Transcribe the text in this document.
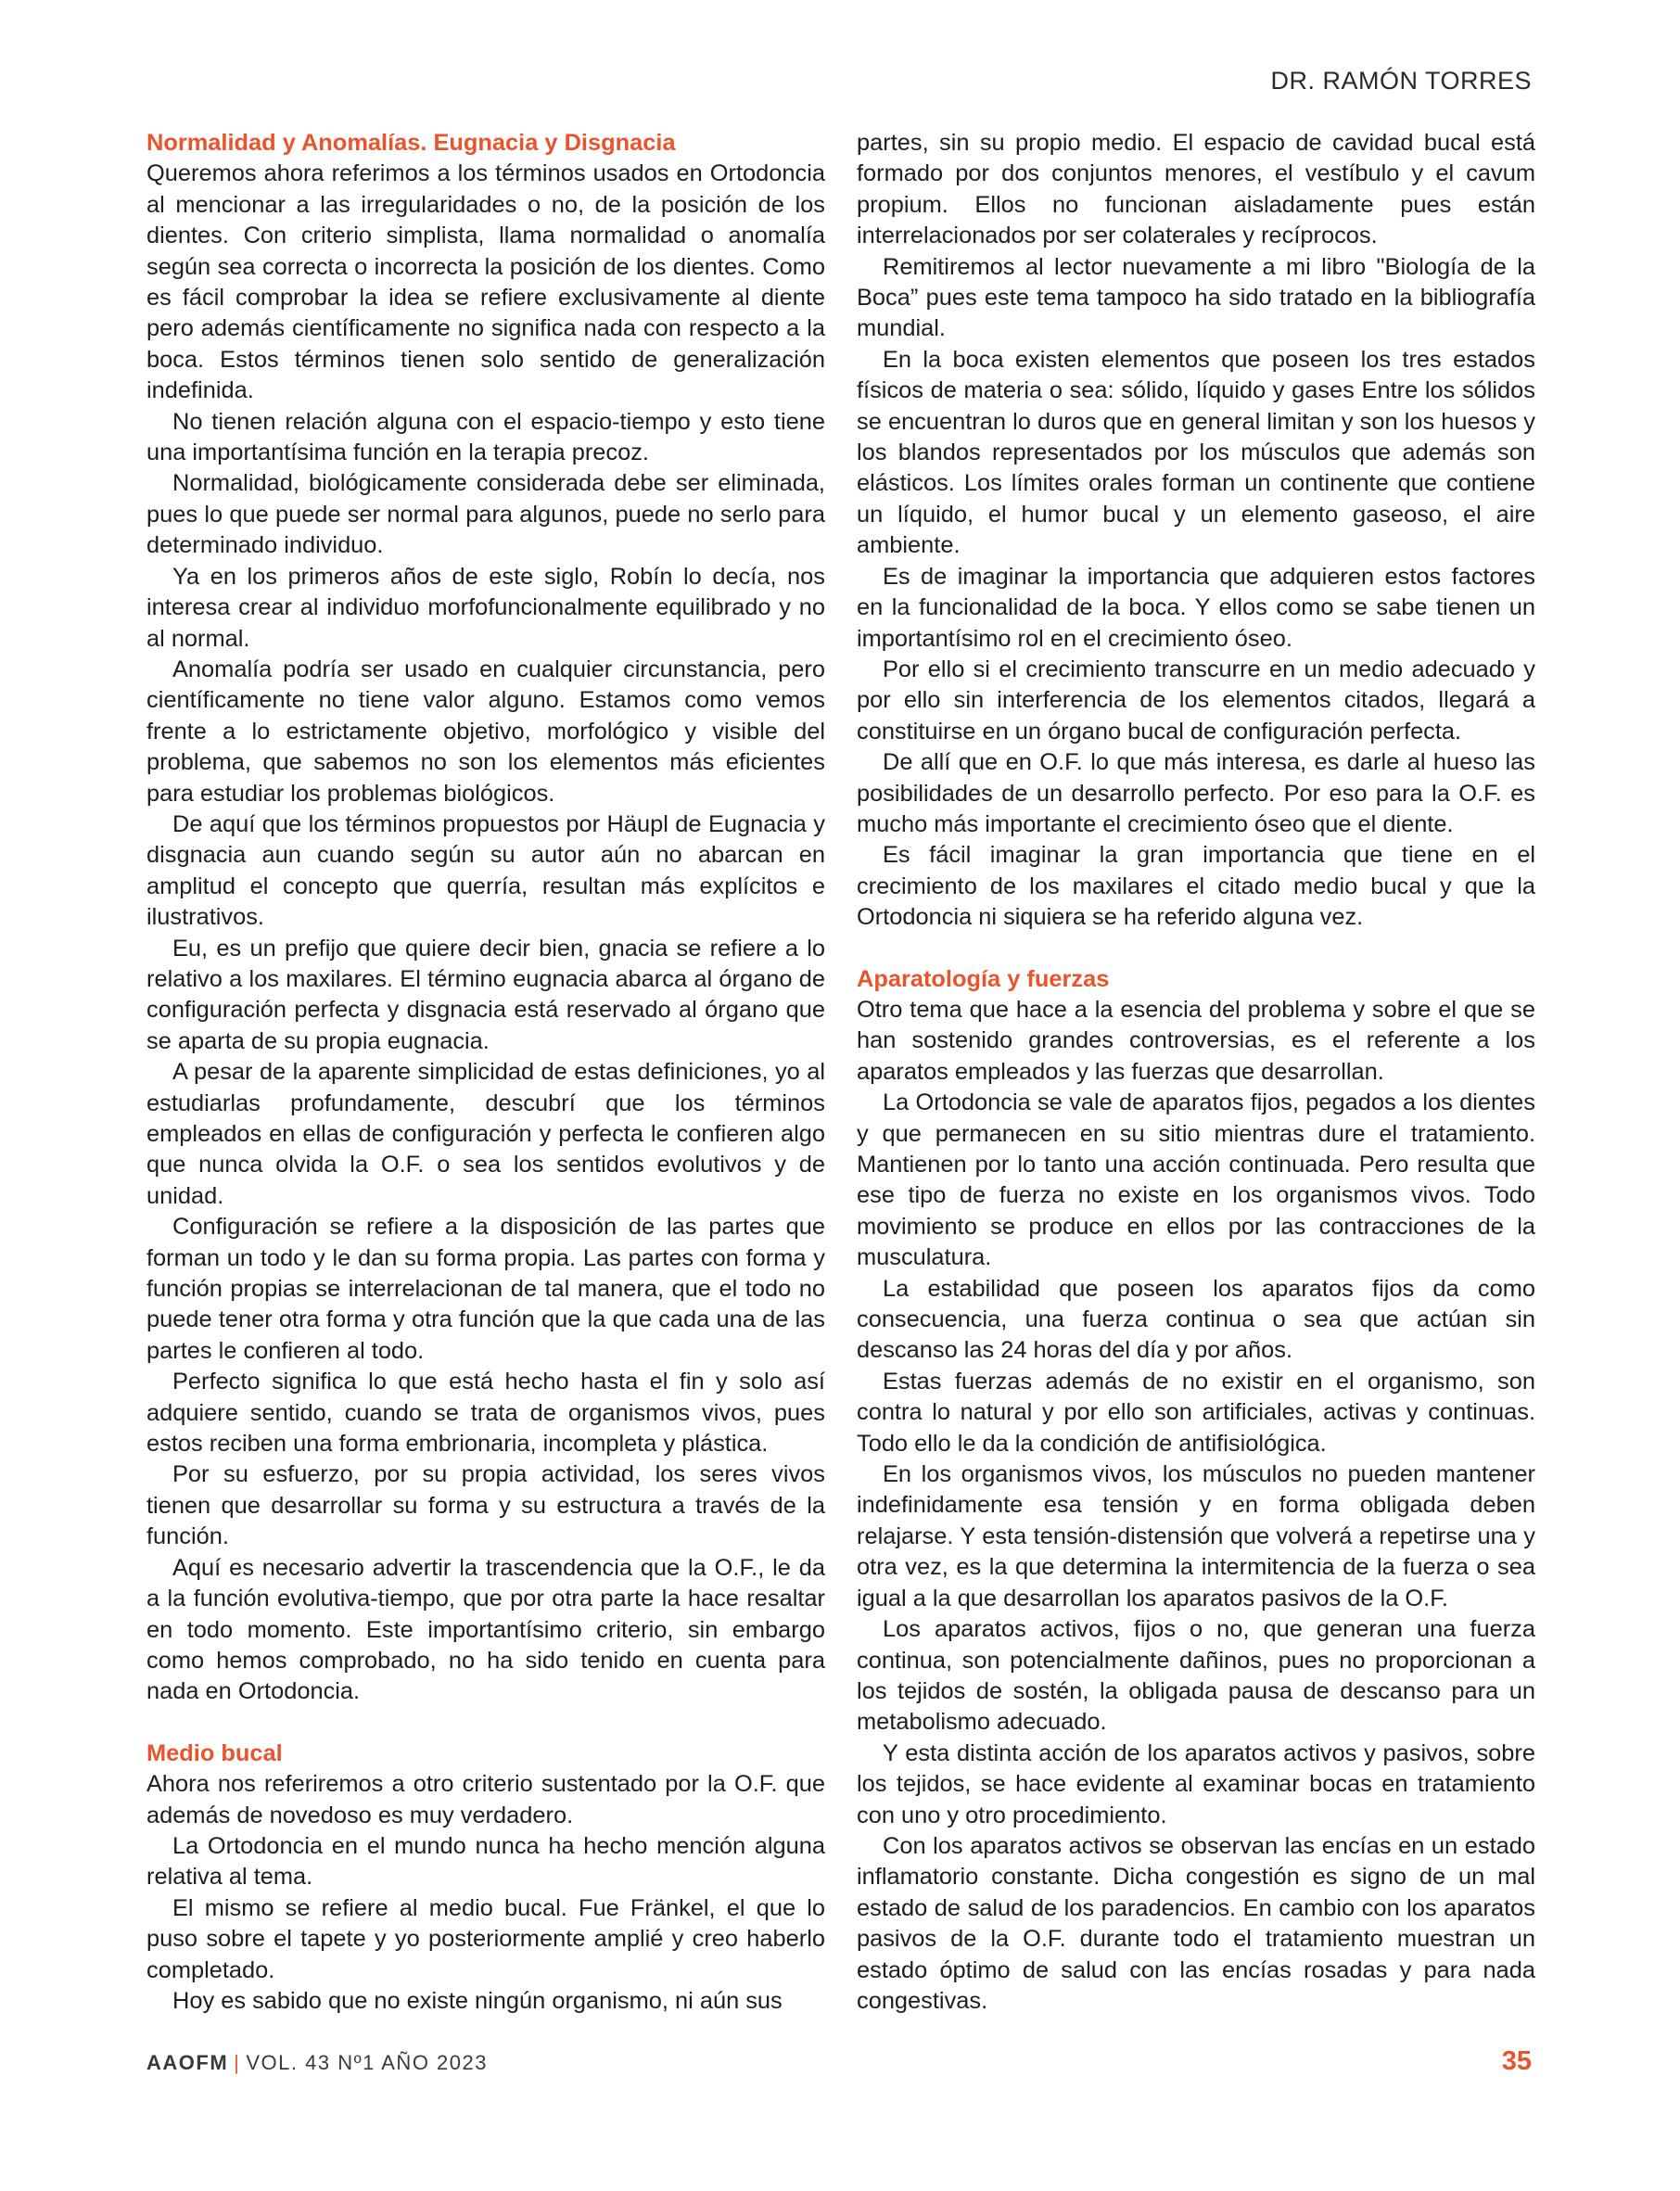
DR. RAMÓN TORRES
Normalidad y Anomalías. Eugnacia y Disgnacia

Queremos ahora referimos a los términos usados en Ortodoncia al mencionar a las irregularidades o no, de la posición de los dientes. Con criterio simplista, llama normalidad o anomalía según sea correcta o incorrecta la posición de los dientes. Como es fácil comprobar la idea se refiere exclusivamente al diente pero además científicamente no significa nada con respecto a la boca. Estos términos tienen solo sentido de generalización indefinida.

No tienen relación alguna con el espacio-tiempo y esto tiene una importantísima función en la terapia precoz.

Normalidad, biológicamente considerada debe ser eliminada, pues lo que puede ser normal para algunos, puede no serlo para determinado individuo.

Ya en los primeros años de este siglo, Robín lo decía, nos interesa crear al individuo morfofuncionalmente equilibrado y no al normal.

Anomalía podría ser usado en cualquier circunstancia, pero científicamente no tiene valor alguno. Estamos como vemos frente a lo estrictamente objetivo, morfológico y visible del problema, que sabemos no son los elementos más eficientes para estudiar los problemas biológicos.

De aquí que los términos propuestos por Häupl de Eugnacia y disgnacia aun cuando según su autor aún no abarcan en amplitud el concepto que querría, resultan más explícitos e ilustrativos.

Eu, es un prefijo que quiere decir bien, gnacia se refiere a lo relativo a los maxilares. El término eugnacia abarca al órgano de configuración perfecta y disgnacia está reservado al órgano que se aparta de su propia eugnacia.

A pesar de la aparente simplicidad de estas definiciones, yo al estudiarlas profundamente, descubrí que los términos empleados en ellas de configuración y perfecta le confieren algo que nunca olvida la O.F. o sea los sentidos evolutivos y de unidad.

Configuración se refiere a la disposición de las partes que forman un todo y le dan su forma propia. Las partes con forma y función propias se interrelacionan de tal manera, que el todo no puede tener otra forma y otra función que la que cada una de las partes le confieren al todo.

Perfecto significa lo que está hecho hasta el fin y solo así adquiere sentido, cuando se trata de organismos vivos, pues estos reciben una forma embrionaria, incompleta y plástica.

Por su esfuerzo, por su propia actividad, los seres vivos tienen que desarrollar su forma y su estructura a través de la función.

Aquí es necesario advertir la trascendencia que la O.F., le da a la función evolutiva-tiempo, que por otra parte la hace resaltar en todo momento. Este importantísimo criterio, sin embargo como hemos comprobado, no ha sido tenido en cuenta para nada en Ortodoncia.

Medio bucal

Ahora nos referiremos a otro criterio sustentado por la O.F. que además de novedoso es muy verdadero.

La Ortodoncia en el mundo nunca ha hecho mención alguna relativa al tema.

El mismo se refiere al medio bucal. Fue Fränkel, el que lo puso sobre el tapete y yo posteriormente amplié y creo haberlo completado.

Hoy es sabido que no existe ningún organismo, ni aún sus

partes, sin su propio medio. El espacio de cavidad bucal está formado por dos conjuntos menores, el vestíbulo y el cavum propium. Ellos no funcionan aisladamente pues están interrelacionados por ser colaterales y recíprocos.

Remitiremos al lector nuevamente a mi libro "Biología de la Boca” pues este tema tampoco ha sido tratado en la bibliografía mundial.

En la boca existen elementos que poseen los tres estados físicos de materia o sea: sólido, líquido y gases Entre los sólidos se encuentran lo duros que en general limitan y son los huesos y los blandos representados por los músculos que además son elásticos. Los límites orales forman un continente que contiene un líquido, el humor bucal y un elemento gaseoso, el aire ambiente.

Es de imaginar la importancia que adquieren estos factores en la funcionalidad de la boca. Y ellos como se sabe tienen un importantísimo rol en el crecimiento óseo.

Por ello si el crecimiento transcurre en un medio adecuado y por ello sin interferencia de los elementos citados, llegará a constituirse en un órgano bucal de configuración perfecta.

De allí que en O.F. lo que más interesa, es darle al hueso las posibilidades de un desarrollo perfecto. Por eso para la O.F. es mucho más importante el crecimiento óseo que el diente.

Es fácil imaginar la gran importancia que tiene en el crecimiento de los maxilares el citado medio bucal y que la Ortodoncia ni siquiera se ha referido alguna vez.

Aparatología y fuerzas

Otro tema que hace a la esencia del problema y sobre el que se han sostenido grandes controversias, es el referente a los aparatos empleados y las fuerzas que desarrollan.

La Ortodoncia se vale de aparatos fijos, pegados a los dientes y que permanecen en su sitio mientras dure el tratamiento. Mantienen por lo tanto una acción continuada. Pero resulta que ese tipo de fuerza no existe en los organismos vivos. Todo movimiento se produce en ellos por las contracciones de la musculatura.

La estabilidad que poseen los aparatos fijos da como consecuencia, una fuerza continua o sea que actúan sin descanso las 24 horas del día y por años.

Estas fuerzas además de no existir en el organismo, son contra lo natural y por ello son artificiales, activas y continuas. Todo ello le da la condición de antifisiológica.

En los organismos vivos, los músculos no pueden mantener indefinidamente esa tensión y en forma obligada deben relajarse. Y esta tensión-distensión que volverá a repetirse una y otra vez, es la que determina la intermitencia de la fuerza o sea igual a la que desarrollan los aparatos pasivos de la O.F.

Los aparatos activos, fijos o no, que generan una fuerza continua, son potencialmente dañinos, pues no proporcionan a los tejidos de sostén, la obligada pausa de descanso para un metabolismo adecuado.

Y esta distinta acción de los aparatos activos y pasivos, sobre los tejidos, se hace evidente al examinar bocas en tratamiento con uno y otro procedimiento.

Con los aparatos activos se observan las encías en un estado inflamatorio constante. Dicha congestión es signo de un mal estado de salud de los paradencios. En cambio con los aparatos pasivos de la O.F. durante todo el tratamiento muestran un estado óptimo de salud con las encías rosadas y para nada congestivas.

AAOFM | VOL. 43 Nº1 AÑO 2023	35
